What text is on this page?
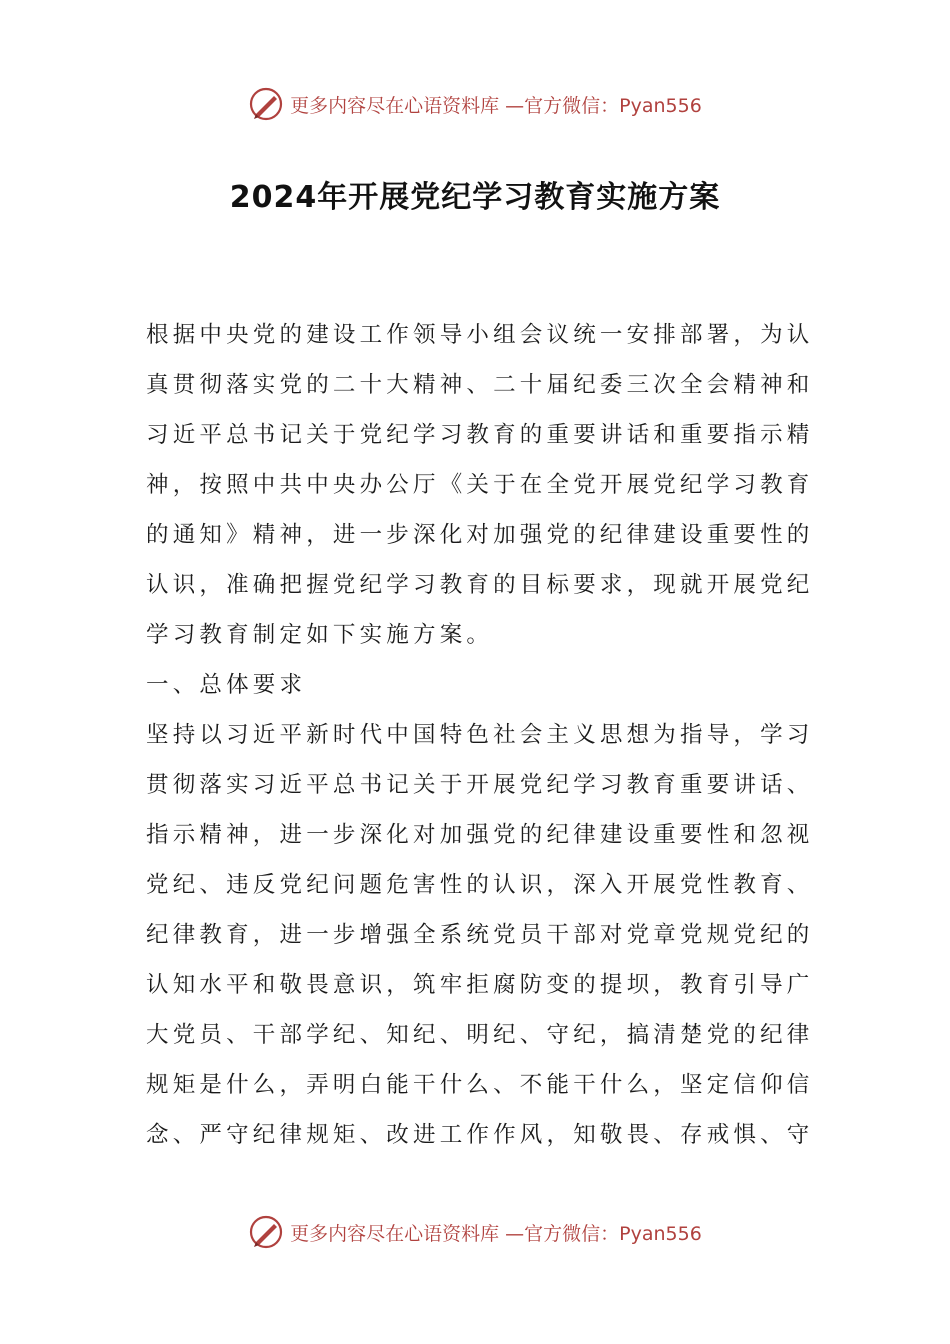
更多内容尽在心语资料库 —官方微信：Pyan556
2024年开展党纪学习教育实施方案
根据中央党的建设工作领导小组会议统一安排部署，为认
真贯彻落实党的二十大精神、二十届纪委三次全会精神和
习近平总书记关于党纪学习教育的重要讲话和重要指示精
神，按照中共中央办公厅《关于在全党开展党纪学习教育
的通知》精神，进一步深化对加强党的纪律建设重要性的
认识，准确把握党纪学习教育的目标要求，现就开展党纪
学习教育制定如下实施方案。
一、总体要求
坚持以习近平新时代中国特色社会主义思想为指导，学习
贯彻落实习近平总书记关于开展党纪学习教育重要讲话、
指示精神，进一步深化对加强党的纪律建设重要性和忽视
党纪、违反党纪问题危害性的认识，深入开展党性教育、
纪律教育，进一步增强全系统党员干部对党章党规党纪的
认知水平和敬畏意识，筑牢拒腐防变的提坝，教育引导广
大党员、干部学纪、知纪、明纪、守纪，搞清楚党的纪律
规矩是什么，弄明白能干什么、不能干什么，坚定信仰信
念、严守纪律规矩、改进工作作风，知敬畏、存戒惧、守
更多内容尽在心语资料库 —官方微信：Pyan556
